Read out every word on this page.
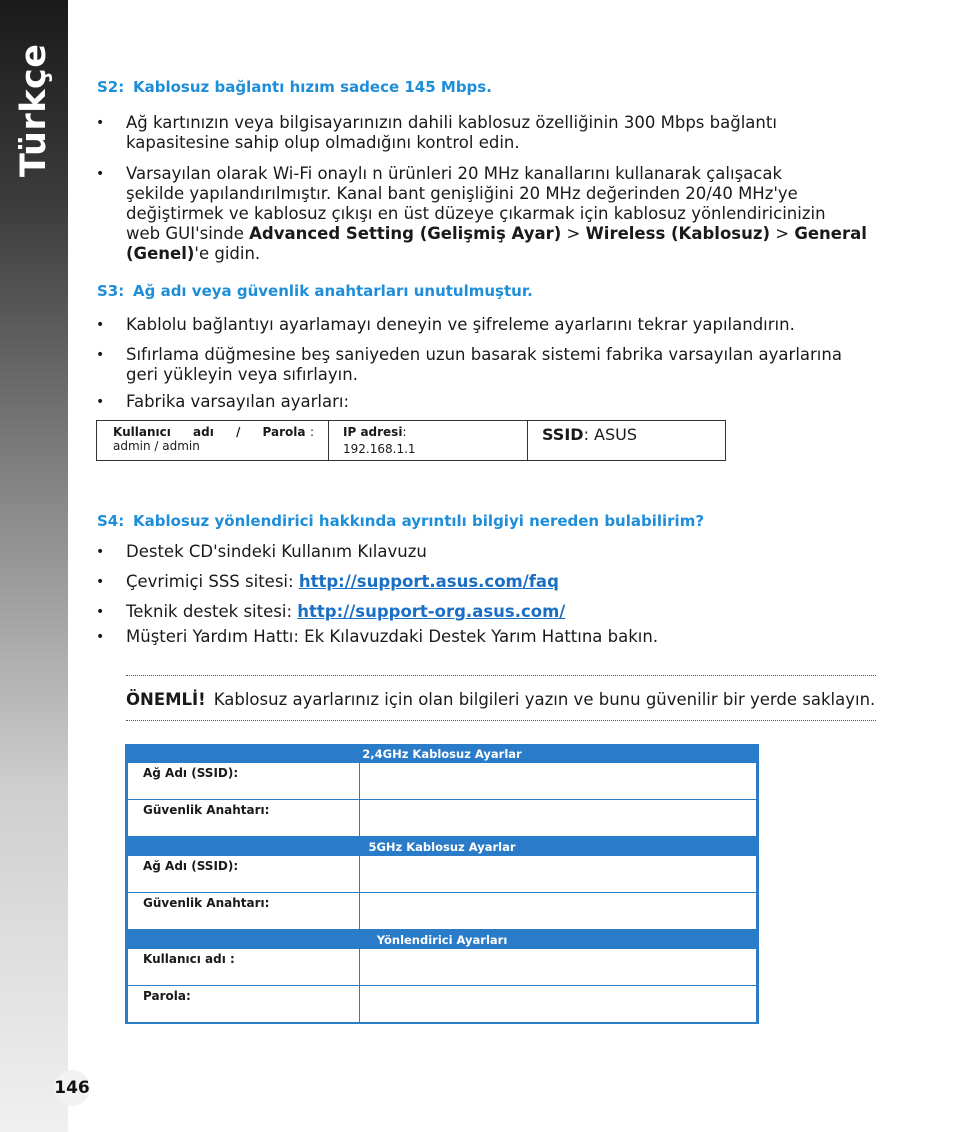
Türkçe
146
S2: Kablosuz bağlantı hızım sadece 145 Mbps.
• Ağ kartınızın veya bilgisayarınızın dahili kablosuz özelliğinin 300 Mbps bağlantı
kapasitesine sahip olup olmadığını kontrol edin.
• Varsayılan olarak Wi-Fi onaylı n ürünleri 20 MHz kanallarını kullanarak çalışacak
şekilde yapılandırılmıştır. Kanal bant genişliğini 20 MHz değerinden 20/40 MHz'ye
değiştirmek ve kablosuz çıkışı en üst düzeye çıkarmak için kablosuz yönlendiricinizin
web GUI'sinde Advanced Setting (Gelişmiş Ayar) > Wireless (Kablosuz) > General
(Genel)'e gidin.
S3: Ağ adı veya güvenlik anahtarları unutulmuştur.
• Kablolu bağlantıyı ayarlamayı deneyin ve şifreleme ayarlarını tekrar yapılandırın.
• Sıfırlama düğmesine beş saniyeden uzun basarak sistemi fabrika varsayılan ayarlarına
geri yükleyin veya sıfırlayın.
• Fabrika varsayılan ayarları:
Kullanıcı adı / Parola :
admin / admin
IP adresi:
192.168.1.1
SSID: ASUS
S4: Kablosuz yönlendirici hakkında ayrıntılı bilgiyi nereden bulabilirim?
• Destek CD'sindeki Kullanım Kılavuzu
• Çevrimiçi SSS sitesi: http://support.asus.com/faq
• Teknik destek sitesi: http://support-org.asus.com/
• Müşteri Yardım Hattı: Ek Kılavuzdaki Destek Yarım Hattına bakın.
ÖNEMLİ! Kablosuz ayarlarınız için olan bilgileri yazın ve bunu güvenilir bir yerde saklayın.
2,4GHz Kablosuz Ayarlar
Ağ Adı (SSID):
Güvenlik Anahtarı:
5GHz Kablosuz Ayarlar
Ağ Adı (SSID):
Güvenlik Anahtarı:
Yönlendirici Ayarları
Kullanıcı adı :
Parola:
